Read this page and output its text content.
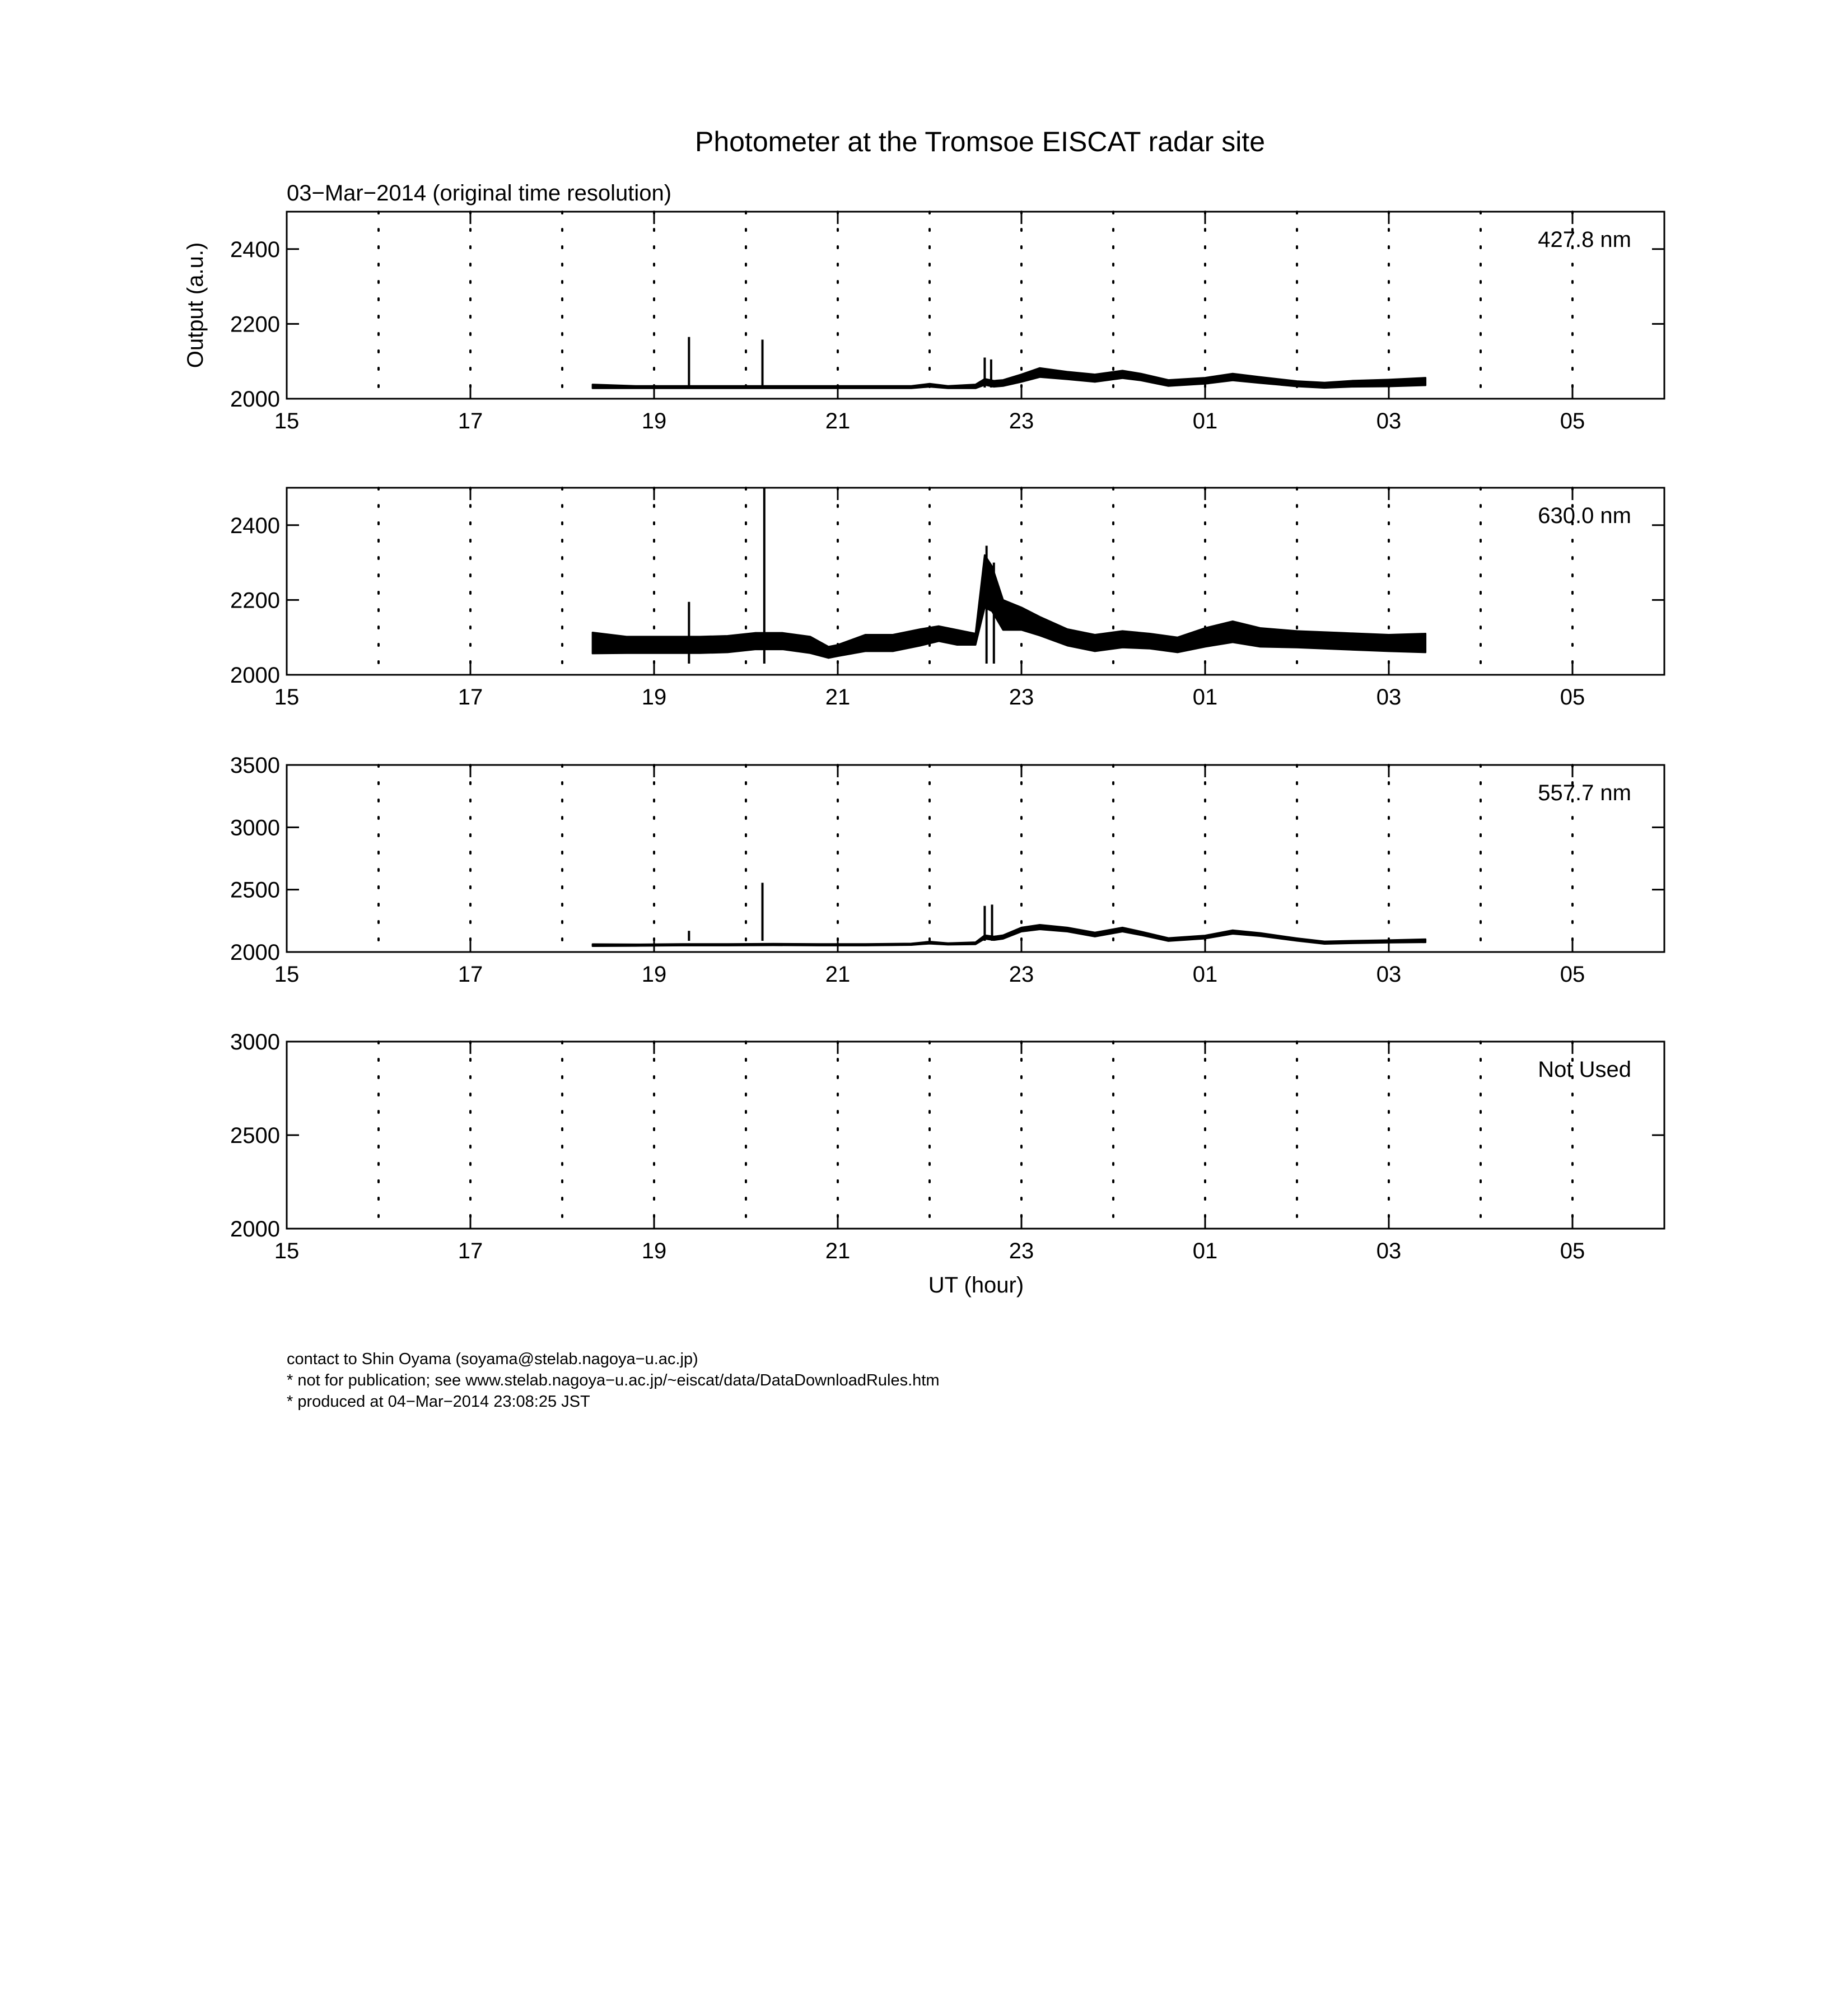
Photometer at the Tromsoe EISCAT radar site
03−Mar−2014 (original time resolution)
Output (a.u.)
UT (hour)
15	17	19	21	23	01	03	05
2000
2200
2400	427.8 nm
15	17	19	21	23	01	03	05
2000
2200
2400	630.0 nm
15	17	19	21	23	01	03	05
2000
2500
3000
3500
557.7 nm
15	17	19	21	23	01	03	05
2000
2500
3000
Not Used
contact to Shin Oyama (soyama@stelab.nagoya−u.ac.jp)
* not for publication; see www.stelab.nagoya−u.ac.jp/~eiscat/data/DataDownloadRules.htm
* produced at 04−Mar−2014 23:08:25 JST
